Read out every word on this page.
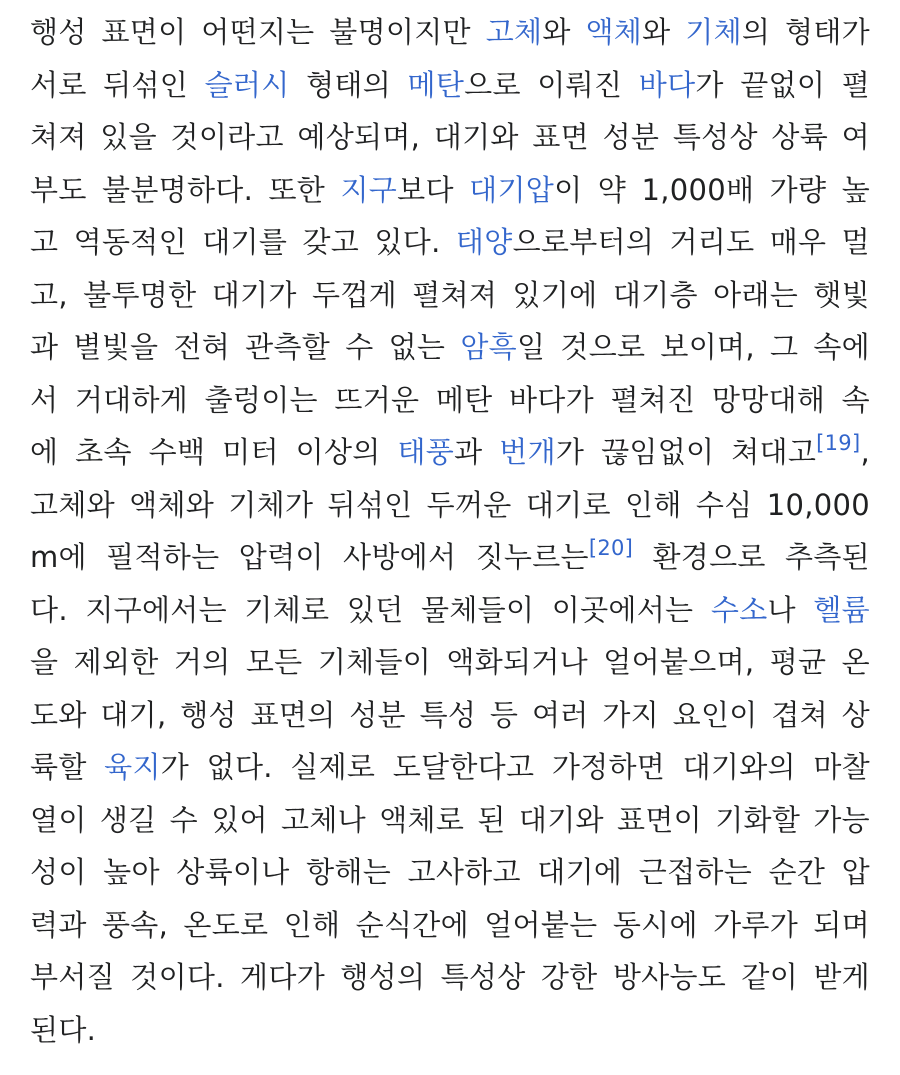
행성 표면이 어떤지는 불명이지만 고체와 액체와 기체의 형태가
서로 뒤섞인 슬러시 형태의 메탄으로 이뤄진 바다가 끝없이 펼
쳐져 있을 것이라고 예상되며, 대기와 표면 성분 특성상 상륙 여
부도 불분명하다. 또한 지구보다 대기압이 약 1,000배 가량 높
고 역동적인 대기를 갖고 있다. 태양으로부터의 거리도 매우 멀
고, 불투명한 대기가 두껍게 펼쳐져 있기에 대기층 아래는 햇빛
과 별빛을 전혀 관측할 수 없는 암흑일 것으로 보이며, 그 속에
서 거대하게 출렁이는 뜨거운 메탄 바다가 펼쳐진 망망대해 속
에 초속 수백 미터 이상의 태풍과 번개가 끊임없이 쳐대고[19],
고체와 액체와 기체가 뒤섞인 두꺼운 대기로 인해 수심 10,000
m에 필적하는 압력이 사방에서 짓누르는[20] 환경으로 추측된
다. 지구에서는 기체로 있던 물체들이 이곳에서는 수소나 헬륨
을 제외한 거의 모든 기체들이 액화되거나 얼어붙으며, 평균 온
도와 대기, 행성 표면의 성분 특성 등 여러 가지 요인이 겹쳐 상
륙할 육지가 없다. 실제로 도달한다고 가정하면 대기와의 마찰
열이 생길 수 있어 고체나 액체로 된 대기와 표면이 기화할 가능
성이 높아 상륙이나 항해는 고사하고 대기에 근접하는 순간 압
력과 풍속, 온도로 인해 순식간에 얼어붙는 동시에 가루가 되며
부서질 것이다. 게다가 행성의 특성상 강한 방사능도 같이 받게
된다.
